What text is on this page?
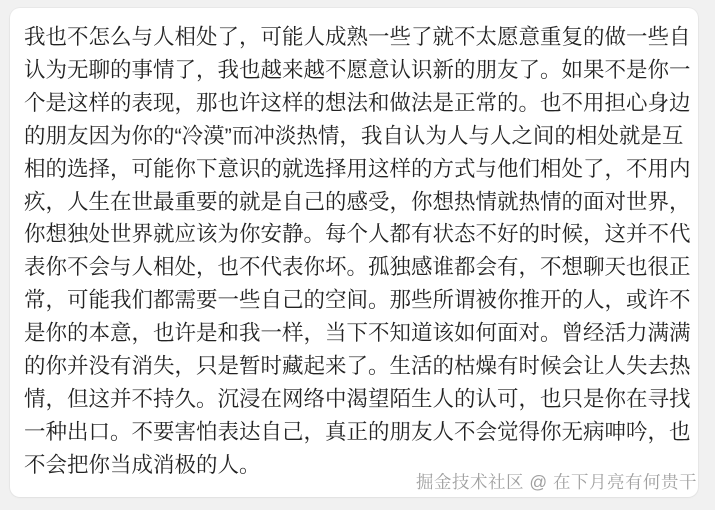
我也不怎么与人相处了，可能人成熟一些了就不太愿意重复的做一些自
认为无聊的事情了，我也越来越不愿意认识新的朋友了。如果不是你一
个是这样的表现，那也许这样的想法和做法是正常的。也不用担心身边
的朋友因为你的“冷漠”而冲淡热情，我自认为人与人之间的相处就是互
相的选择，可能你下意识的就选择用这样的方式与他们相处了，不用内
疚，人生在世最重要的就是自己的感受，你想热情就热情的面对世界，
你想独处世界就应该为你安静。每个人都有状态不好的时候，这并不代
表你不会与人相处，也不代表你坏。孤独感谁都会有，不想聊天也很正
常，可能我们都需要一些自己的空间。那些所谓被你推开的人，或许不
是你的本意，也许是和我一样，当下不知道该如何面对。曾经活力满满
的你并没有消失，只是暂时藏起来了。生活的枯燥有时候会让人失去热
情，但这并不持久。沉浸在网络中渴望陌生人的认可，也只是你在寻找
一种出口。不要害怕表达自己，真正的朋友人不会觉得你无病呻吟，也
不会把你当成消极的人。
掘金技术社区 @ 在下月亮有何贵干
